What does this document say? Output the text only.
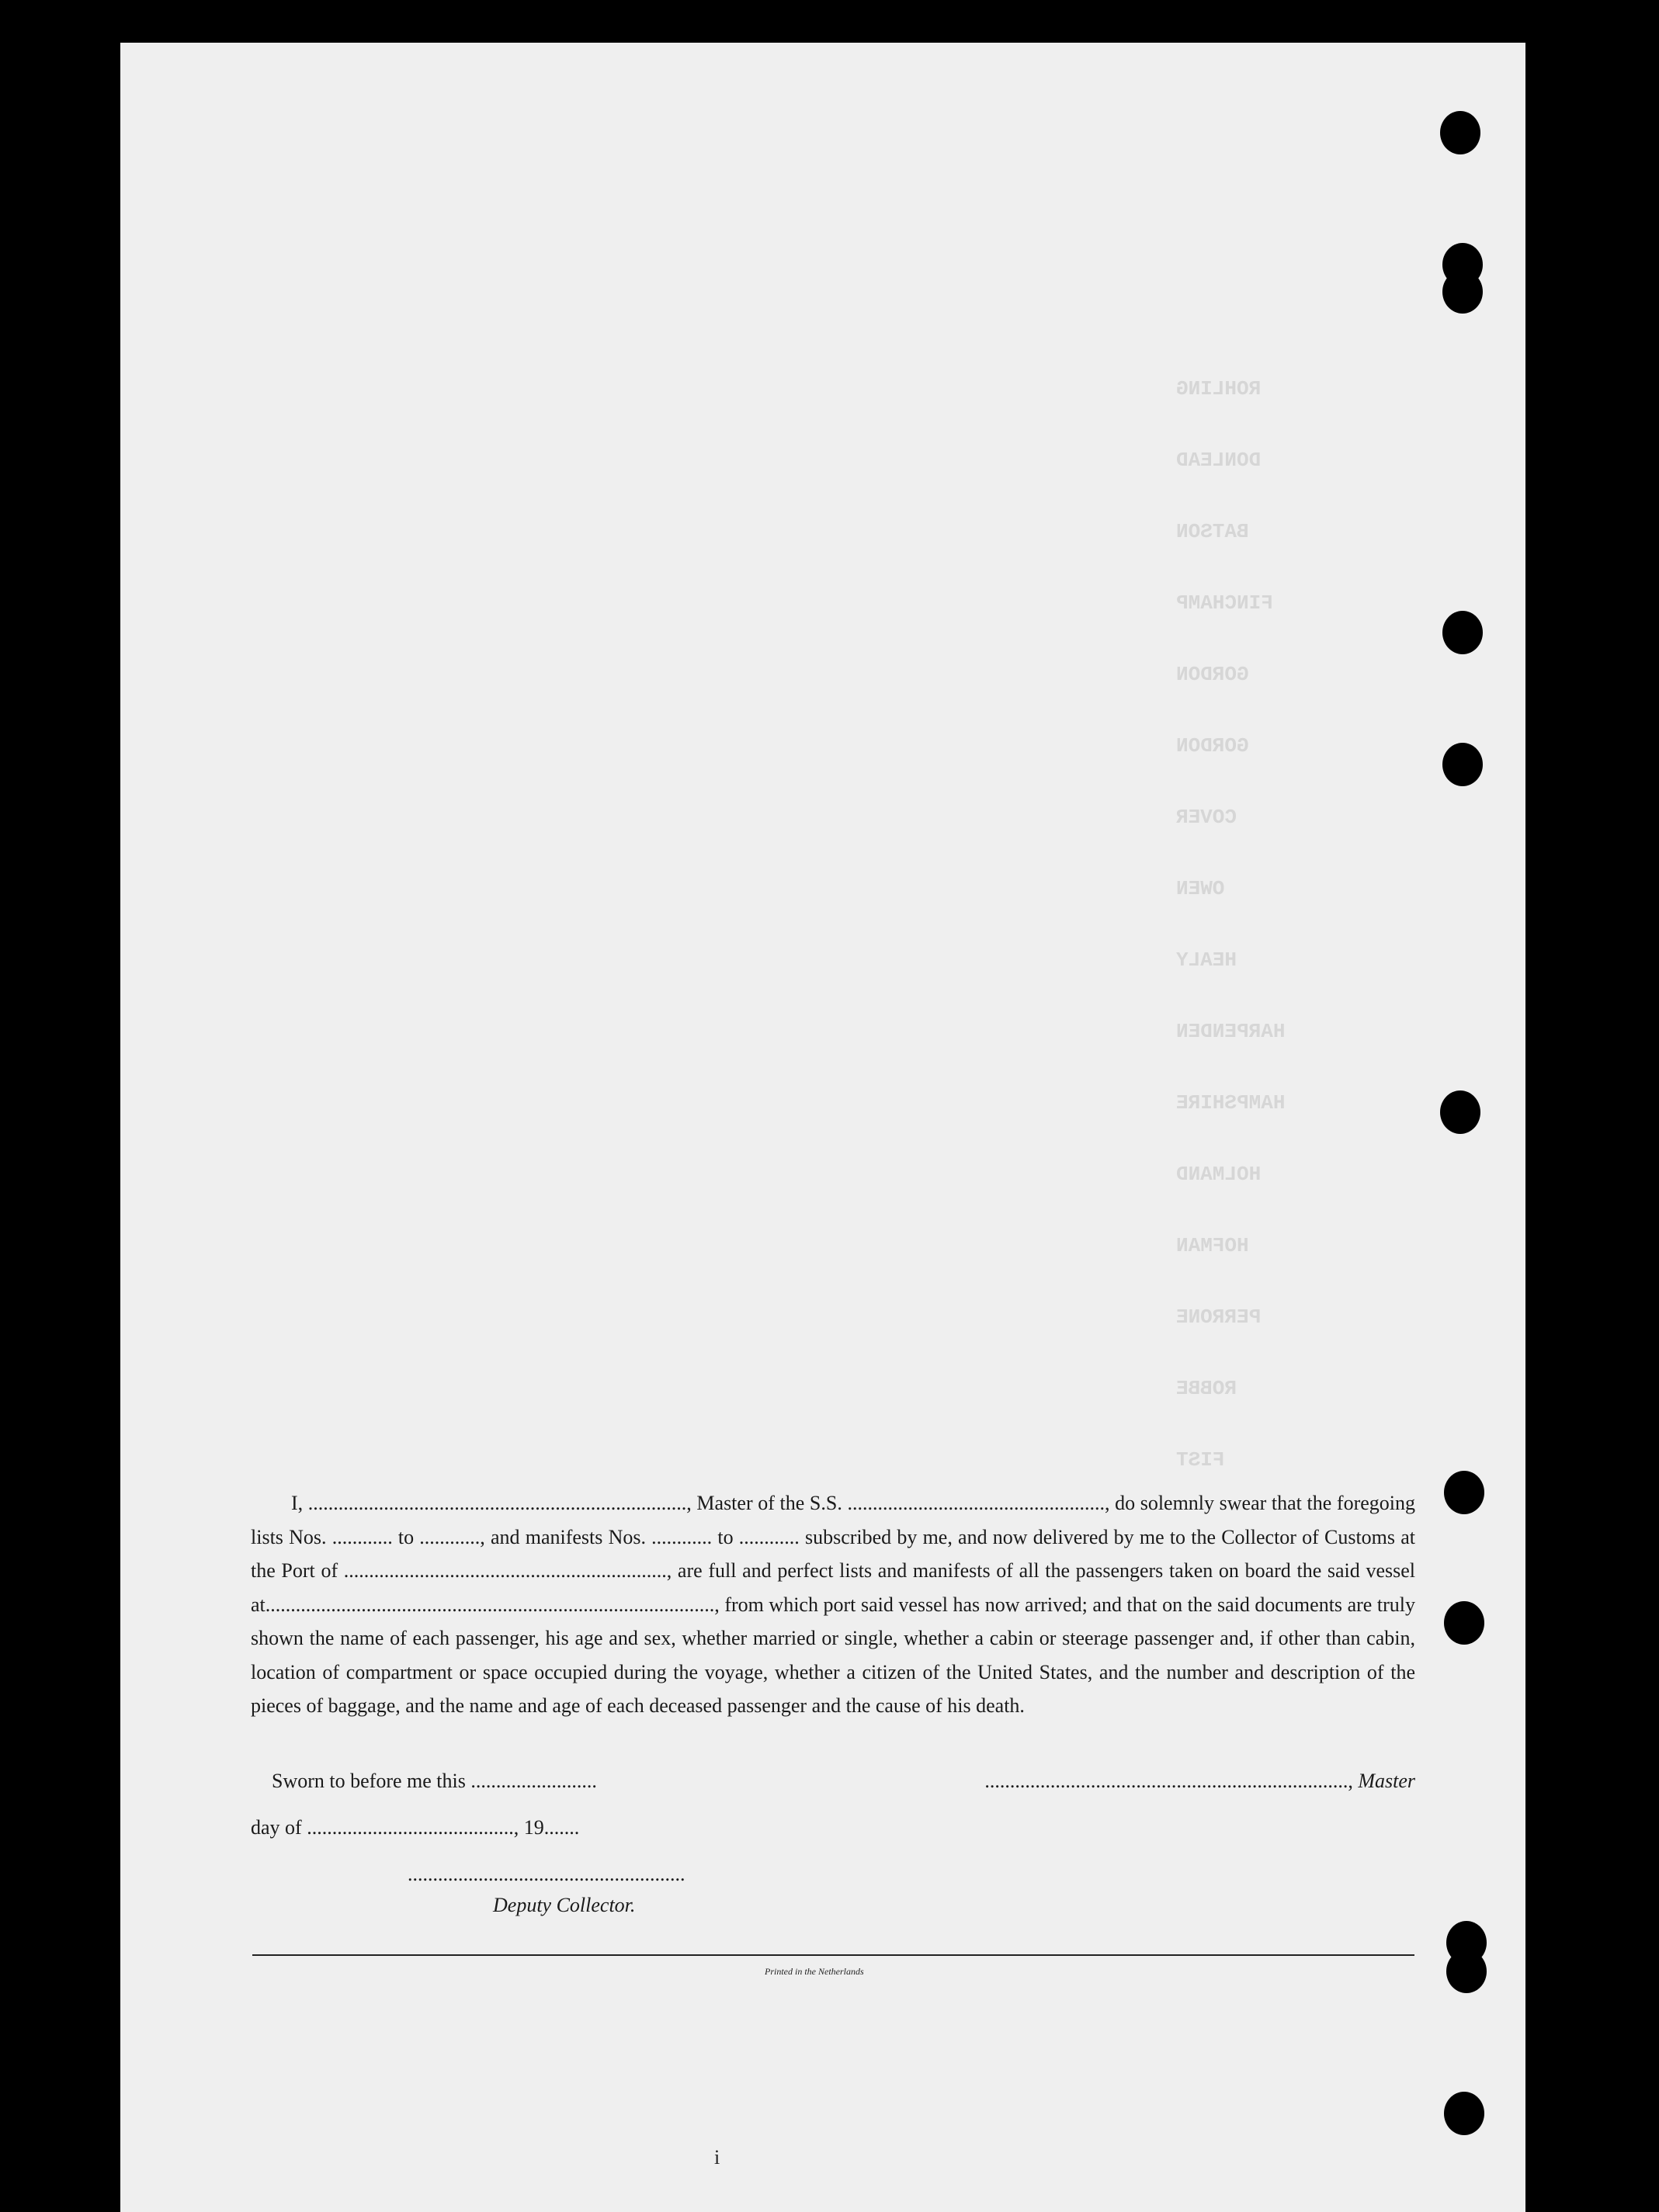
ROHLING
DONLEAD
BATSON
FINCHAMP
GORDON
GORDON
COVER
OWEN
HEALY
HARPENDEN
HAMPSHIRE
HOLMAND
HOFMAN
PERRONE
ROBBE
FIST

I, ..........................................................................., Master of the S.S. ..................................................., do solemnly swear that the foregoing lists Nos. ............ to ............, and manifests Nos. ............ to ............ subscribed by me, and now delivered by me to the Collector of Customs at the Port of ................................................................, are full and perfect lists and manifests of all the passengers taken on board the said vessel at........................................................................................., from which port said vessel has now arrived; and that on the said documents are truly shown the name of each passenger, his age and sex, whether married or single, whether a cabin or steerage passenger and, if other than cabin, location of compartment or space occupied during the voyage, whether a citizen of the United States, and the number and description of the pieces of baggage, and the name and age of each deceased passenger and the cause of his death.

Sworn to before me this .........................	........................................................................, Master
day of ........................................., 19.......
.......................................................
Deputy Collector.
Printed in the Netherlands
i
